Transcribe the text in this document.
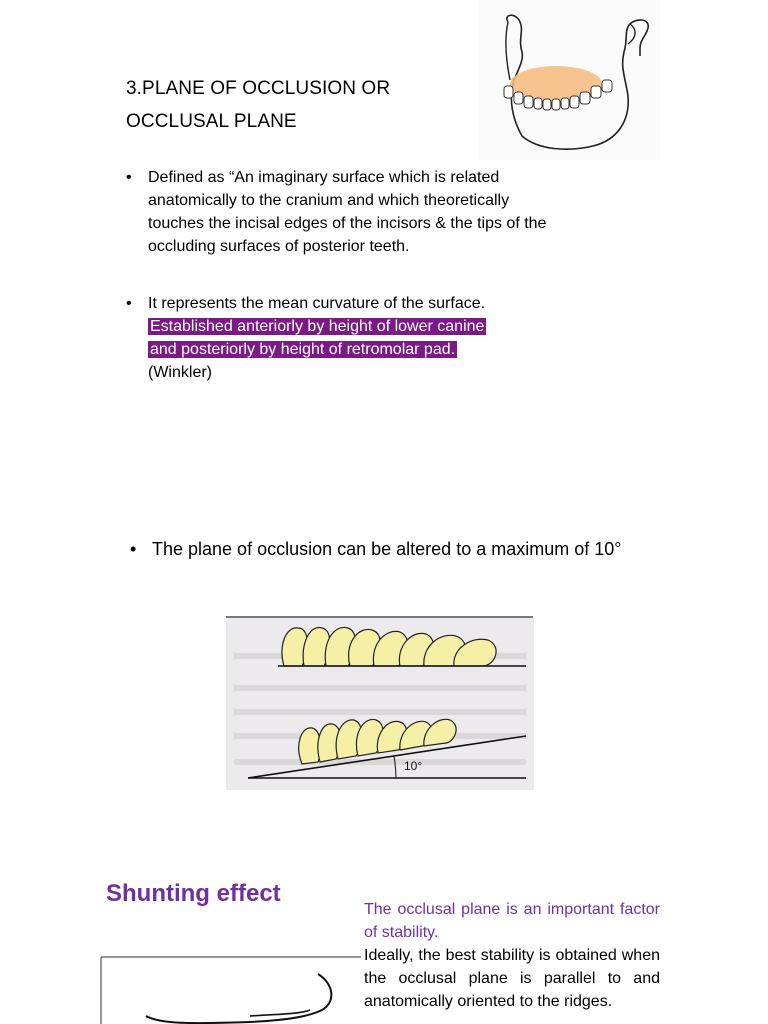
3.PLANE OF OCCLUSION OR
OCCLUSAL PLANE
• Defined as “An imaginary surface which is related anatomically to the cranium and which theoretically touches the incisal edges of the incisors & the tips of the occluding surfaces of posterior teeth.
• It represents the mean curvature of the surface.
Established anteriorly by height of lower canine
and posteriorly by height of retromolar pad.
(Winkler)
• The plane of occlusion can be altered to a maximum of 10°
10°
Shunting effect
The occlusal plane is an important factor of stability.
Ideally, the best stability is obtained when the occlusal plane is parallel to and anatomically oriented to the ridges.
